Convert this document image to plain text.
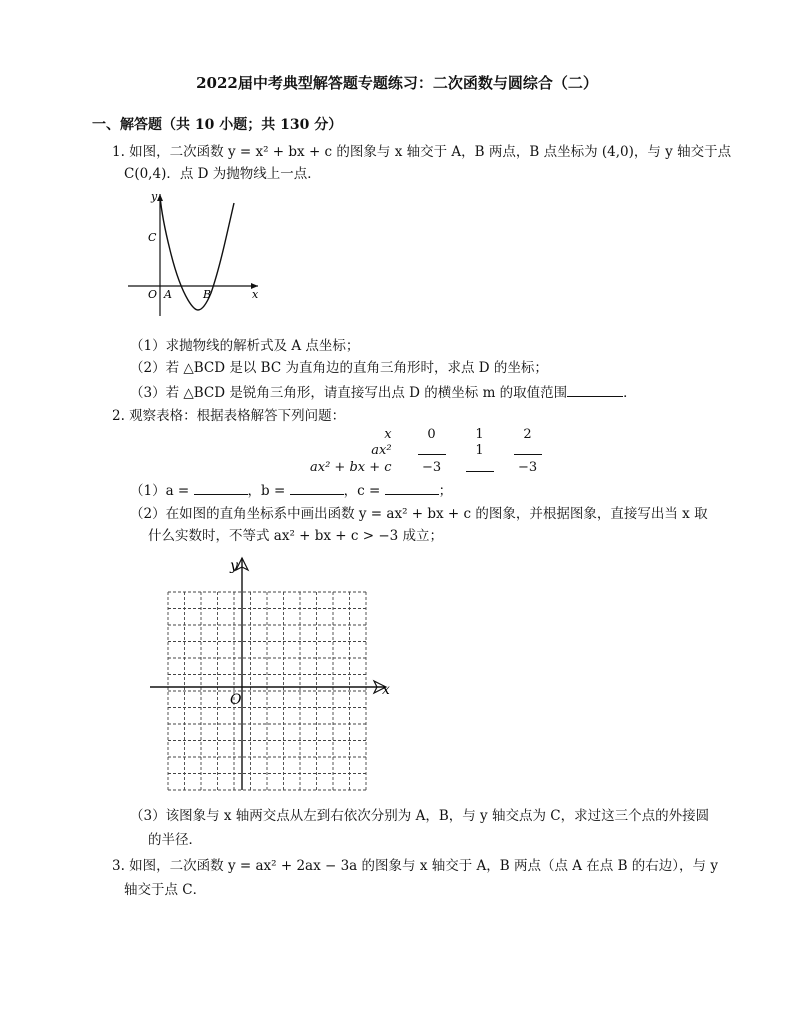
2022届中考典型解答题专题练习：二次函数与圆综合（二）
一、解答题（共 10 小题；共 130 分）
1. 如图，二次函数 y = x² + bx + c 的图象与 x 轴交于 A，B 两点，B 点坐标为 (4,0)，与 y 轴交于点
C(0,4)．点 D 为抛物线上一点．
y
x
C
O A	B
（1）求抛物线的解析式及 A 点坐标；
（2）若 △BCD 是以 BC 为直角边的直角三角形时，求点 D 的坐标；
（3）若 △BCD 是锐角三角形，请直接写出点 D 的横坐标 m 的取值范围	．
2. 观察表格：根据表格解答下列问题：
x	0	1	2
ax²		1	
ax² + bx + c	−3		−3
（1）a =	，b =	，c =	；
（2）在如图的直角坐标系中画出函数 y = ax² + bx + c 的图象，并根据图象，直接写出当 x 取
什么实数时，不等式 ax² + bx + c > −3 成立；
y
x
O
（3）该图象与 x 轴两交点从左到右依次分别为 A，B，与 y 轴交点为 C，求过这三个点的外接圆
的半径．
3. 如图，二次函数 y = ax² + 2ax − 3a 的图象与 x 轴交于 A，B 两点（点 A 在点 B 的右边），与 y
轴交于点 C．
